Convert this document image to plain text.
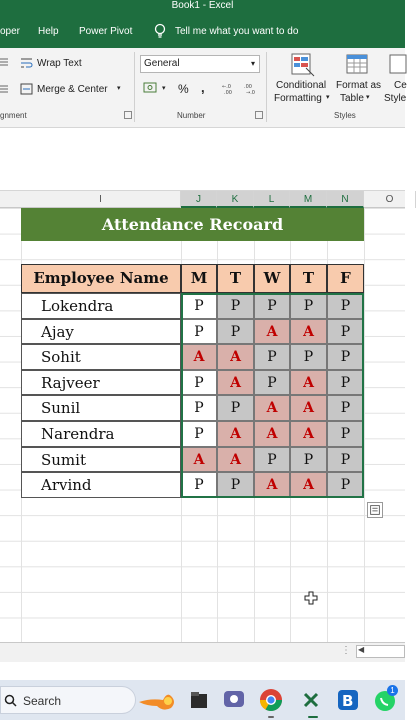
Book1 - Excel
oper Help Power Pivot	Tell me what you want to do
Wrap Text
Merge & Center ▾
gnment
General	▾
▾ % ,	←.0
.00
.00
→.0
Number
Conditional
Formatting ▾
Format as
Table ▾
Ce
Style
Styles
I	J	K	L	M	N	O
Attendance Recoard
Employee Name	M	T	W	T	F
Lokendra	P	P	P	P	P
Ajay	P	P	A	A	P
Sohit	A	A	P	P	P
Rajveer	P	A	P	A	P
Sunil	P	P	A	A	P
Narendra	P	A	A	A	P
Sumit	A	A	P	P	P
Arvind	P	P	A	A	P
◀
⋮
Search	B
1
